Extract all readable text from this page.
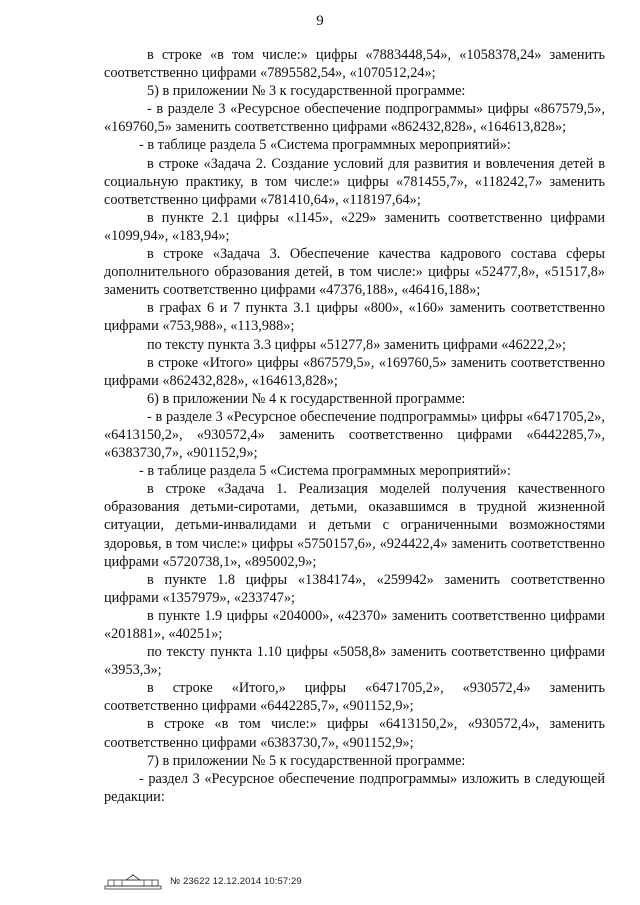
9

в строке «в том числе:» цифры «7883448,54», «1058378,24» заменить соответственно цифрами «7895582,54», «1070512,24»;

5) в приложении № 3 к государственной программе:

- в разделе 3 «Ресурсное обеспечение подпрограммы» цифры «867579,5», «169760,5» заменить соответственно цифрами «862432,828», «164613,828»;

- в таблице раздела 5 «Система программных мероприятий»:

в строке «Задача 2. Создание условий для развития и вовлечения детей в социальную практику, в том числе:» цифры «781455,7», «118242,7» заменить соответственно цифрами «781410,64», «118197,64»;

в пункте 2.1 цифры «1145», «229» заменить соответственно цифрами «1099,94», «183,94»;

в строке «Задача 3. Обеспечение качества кадрового состава сферы дополнительного образования детей, в том числе:» цифры «52477,8», «51517,8» заменить соответственно цифрами «47376,188», «46416,188»;

в графах 6 и 7 пункта 3.1 цифры «800», «160» заменить соответственно цифрами «753,988», «113,988»;

по тексту пункта 3.3 цифры «51277,8» заменить цифрами «46222,2»;

в строке «Итого» цифры «867579,5», «169760,5» заменить соответственно цифрами «862432,828», «164613,828»;

6) в приложении № 4 к государственной программе:

- в разделе 3 «Ресурсное обеспечение подпрограммы» цифры «6471705,2», «6413150,2», «930572,4» заменить соответственно цифрами «6442285,7», «6383730,7», «901152,9»;

- в таблице раздела 5 «Система программных мероприятий»:

в строке «Задача 1. Реализация моделей получения качественного образования детьми-сиротами, детьми, оказавшимся в трудной жизненной ситуации, детьми-инвалидами и детьми с ограниченными возможностями здоровья, в том числе:» цифры «5750157,6», «924422,4» заменить соответственно цифрами «5720738,1», «895002,9»;

в пункте 1.8 цифры «1384174», «259942» заменить соответственно цифрами «1357979», «233747»;

в пункте 1.9 цифры «204000», «42370» заменить соответственно цифрами «201881», «40251»;

по тексту пункта 1.10 цифры «5058,8» заменить соответственно цифрами «3953,3»;

в строке «Итого,» цифры «6471705,2», «930572,4» заменить соответственно цифрами «6442285,7», «901152,9»;

в строке «в том числе:» цифры «6413150,2», «930572,4», заменить соответственно цифрами «6383730,7», «901152,9»;

7) в приложении № 5 к государственной программе:

- раздел 3 «Ресурсное обеспечение подпрограммы» изложить в следующей редакции:

№ 23622 12.12.2014 10:57:29
